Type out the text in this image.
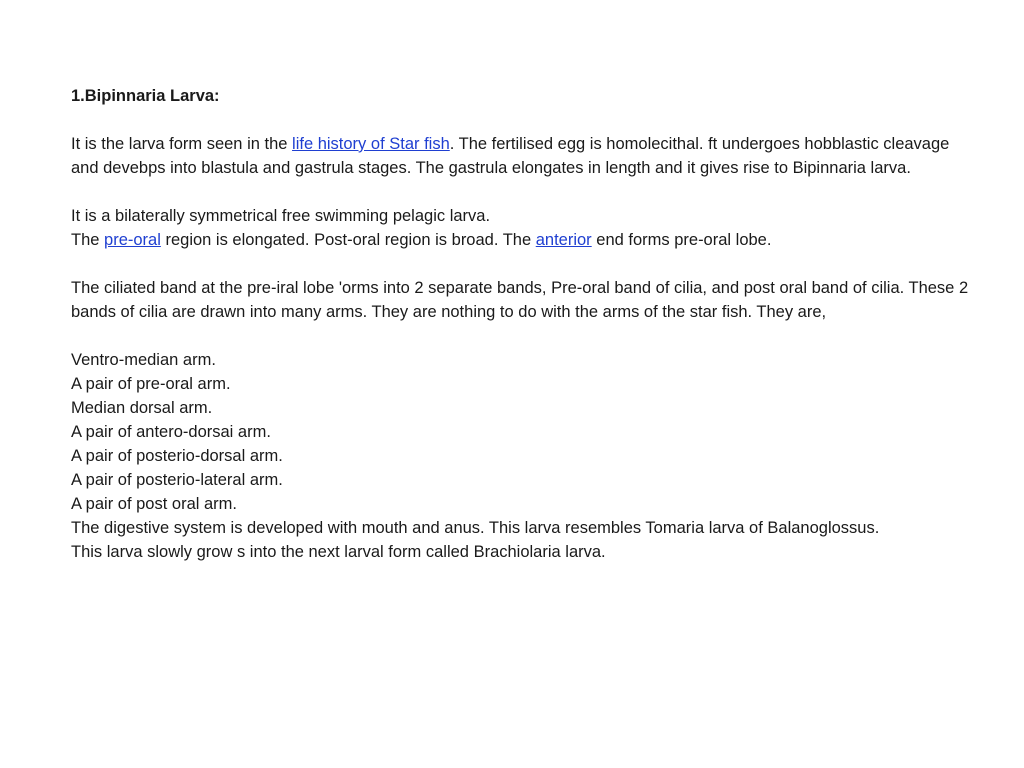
1.Bipinnaria Larva:
It is the larva form seen in the life history of Star fish. The fertilised egg is homolecithal. ft undergoes hobblastic cleavage and devebps into blastula and gastrula stages. The gastrula elongates in length and it gives rise to Bipinnaria larva.
It is a bilaterally symmetrical free swimming pelagic larva.
The pre-oral region is elongated. Post-oral region is broad. The anterior end forms pre-oral lobe.
The ciliated band at the pre-iral lobe 'orms into 2 separate bands, Pre-oral band of cilia, and post oral band of cilia. These 2 bands of cilia are drawn into many arms. They are nothing to do with the arms of the star fish. They are,
Ventro-median arm.
A pair of pre-oral arm.
Median dorsal arm.
A pair of antero-dorsai arm.
A pair of posterio-dorsal arm.
A pair of posterio-lateral arm.
A pair of post oral arm.
The digestive system is developed with mouth and anus. This larva resembles Tomaria larva of Balanoglossus.
This larva slowly grow s into the next larval form called Brachiolaria larva.
